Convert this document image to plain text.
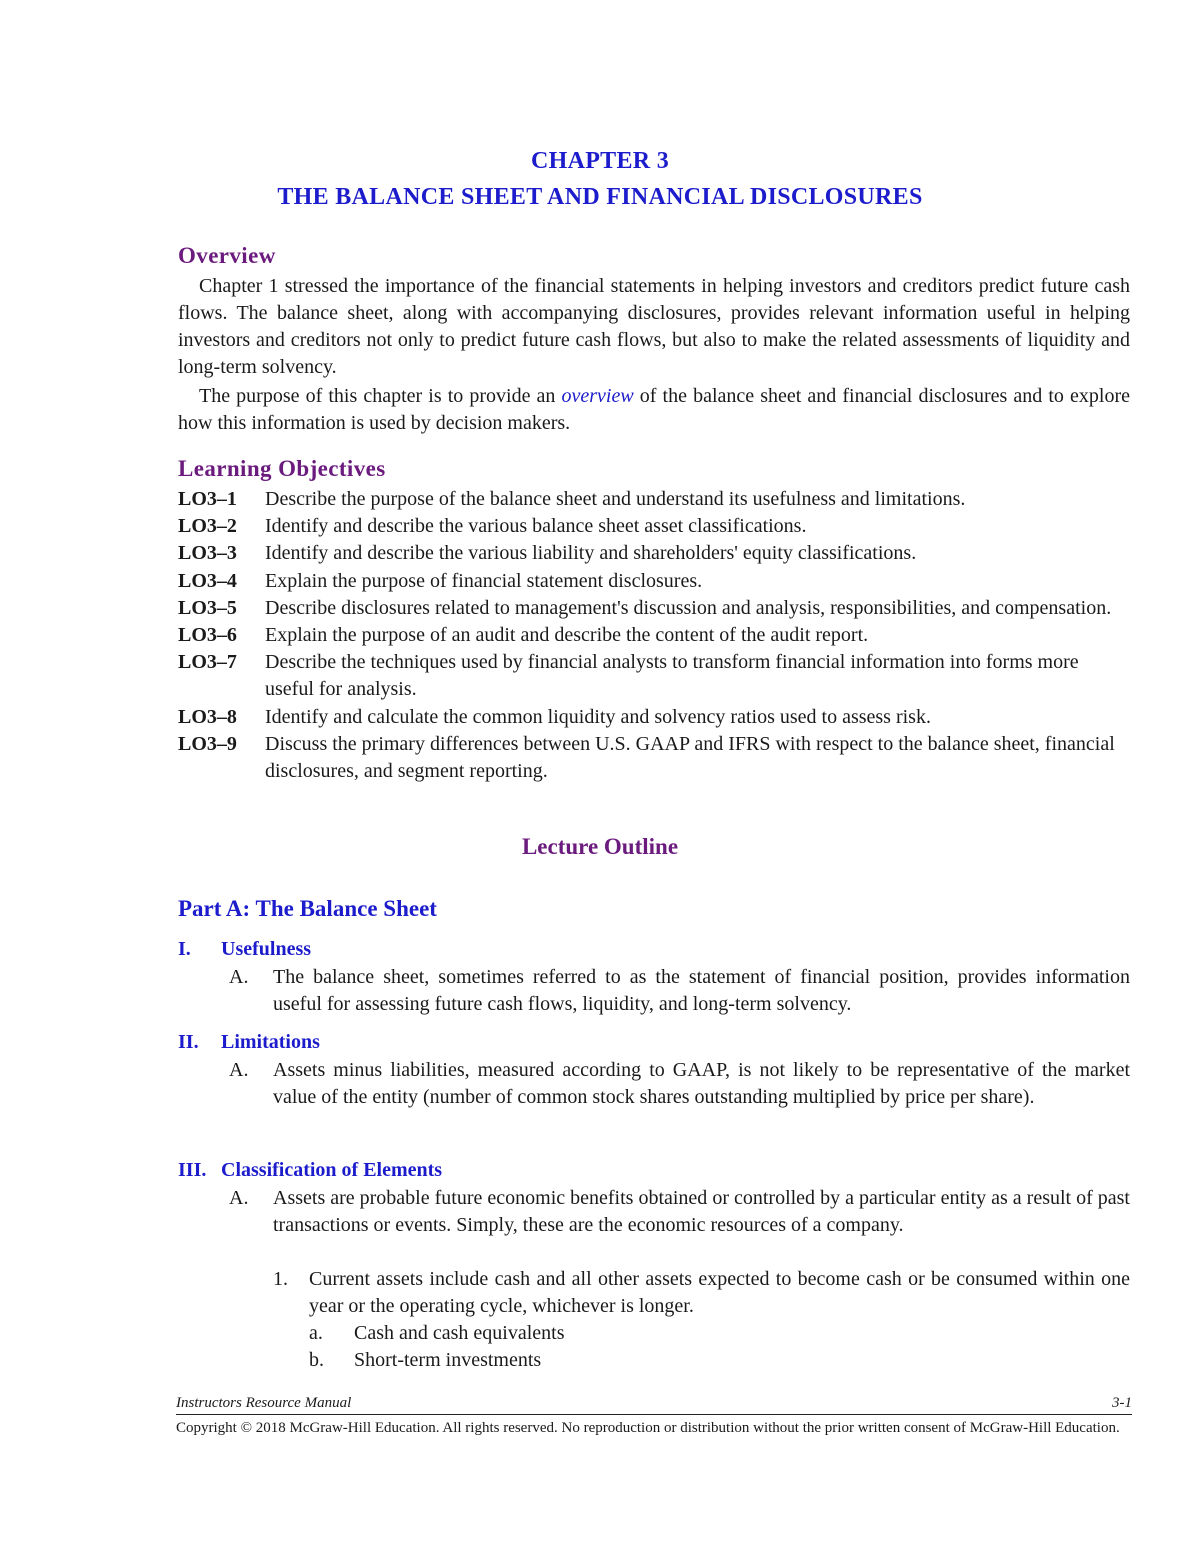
CHAPTER 3
THE BALANCE SHEET AND FINANCIAL DISCLOSURES
Overview

Chapter 1 stressed the importance of the financial statements in helping investors and creditors predict future cash flows. The balance sheet, along with accompanying disclosures, provides relevant information useful in helping investors and creditors not only to predict future cash flows, but also to make the related assessments of liquidity and long-term solvency.

The purpose of this chapter is to provide an overview of the balance sheet and financial disclosures and to explore how this information is used by decision makers.

Learning Objectives
LO3–1	Describe the purpose of the balance sheet and understand its usefulness and limitations.
LO3–2	Identify and describe the various balance sheet asset classifications.
LO3–3	Identify and describe the various liability and shareholders' equity classifications.
LO3–4	Explain the purpose of financial statement disclosures.
LO3–5	Describe disclosures related to management's discussion and analysis, responsibilities, and compensation.
LO3–6	Explain the purpose of an audit and describe the content of the audit report.
LO3–7	Describe the techniques used by financial analysts to transform financial information into forms more useful for analysis.
LO3–8	Identify and calculate the common liquidity and solvency ratios used to assess risk.
LO3–9	Discuss the primary differences between U.S. GAAP and IFRS with respect to the balance sheet, financial disclosures, and segment reporting.
Lecture Outline
Part A: The Balance Sheet
I.	Usefulness
A.	The balance sheet, sometimes referred to as the statement of financial position, provides information useful for assessing future cash flows, liquidity, and long-term solvency.
II.	Limitations
A.	Assets minus liabilities, measured according to GAAP, is not likely to be representative of the market value of the entity (number of common stock shares outstanding multiplied by price per share).
III. Classification of Elements
A.	Assets are probable future economic benefits obtained or controlled by a particular entity as a result of past transactions or events. Simply, these are the economic resources of a company.
1.	Current assets include cash and all other assets expected to become cash or be consumed within one year or the operating cycle, whichever is longer.
a.	Cash and cash equivalents
b.	Short-term investments
Instructors Resource Manual	3-1
Copyright © 2018 McGraw-Hill Education. All rights reserved. No reproduction or distribution without the prior written consent of McGraw-Hill Education.
